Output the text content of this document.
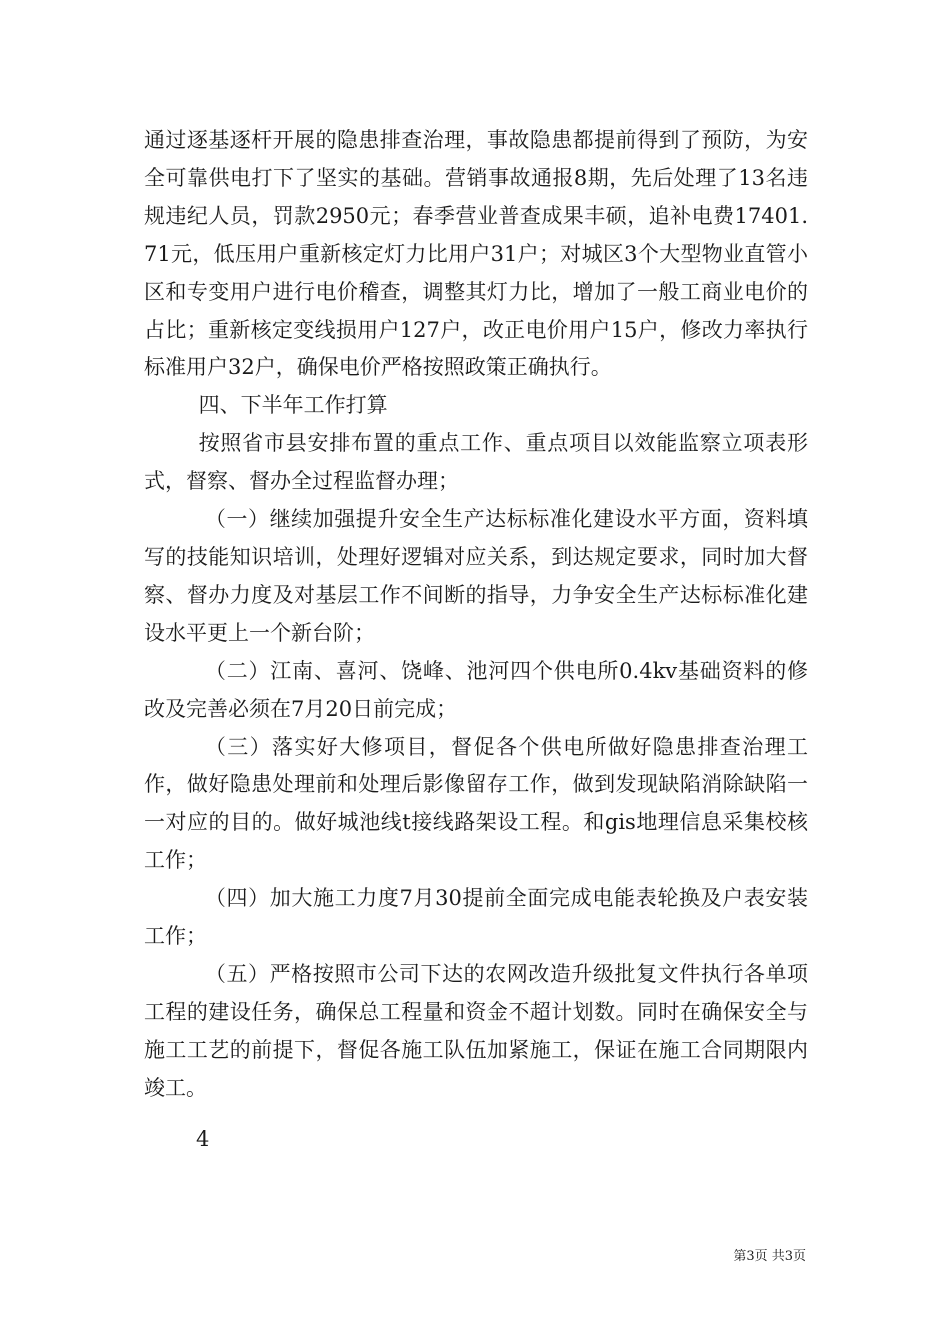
通过逐基逐杆开展的隐患排查治理，事故隐患都提前得到了预防，为安全可靠供电打下了坚实的基础。营销事故通报8期，先后处理了13名违规违纪人员，罚款2950元；春季营业普查成果丰硕，追补电费17401.71元，低压用户重新核定灯力比用户31户；对城区3个大型物业直管小区和专变用户进行电价稽查，调整其灯力比，增加了一般工商业电价的占比；重新核定变线损用户127户，改正电价用户15户，修改力率执行标准用户32户，确保电价严格按照政策正确执行。

四、下半年工作打算

按照省市县安排布置的重点工作、重点项目以效能监察立项表形式，督察、督办全过程监督办理；

（一）继续加强提升安全生产达标标准化建设水平方面，资料填写的技能知识培训，处理好逻辑对应关系，到达规定要求，同时加大督察、督办力度及对基层工作不间断的指导，力争安全生产达标标准化建设水平更上一个新台阶；

（二）江南、喜河、饶峰、池河四个供电所0.4kv基础资料的修改及完善必须在7月20日前完成；

（三）落实好大修项目，督促各个供电所做好隐患排查治理工作，做好隐患处理前和处理后影像留存工作，做到发现缺陷消除缺陷一一对应的目的。做好城池线t接线路架设工程。和gis地理信息采集校核工作；

（四）加大施工力度7月30提前全面完成电能表轮换及户表安装工作；

（五）严格按照市公司下达的农网改造升级批复文件执行各单项工程的建设任务，确保总工程量和资金不超计划数。同时在确保安全与施工工艺的前提下，督促各施工队伍加紧施工，保证在施工合同期限内竣工。

4
第3页 共3页
